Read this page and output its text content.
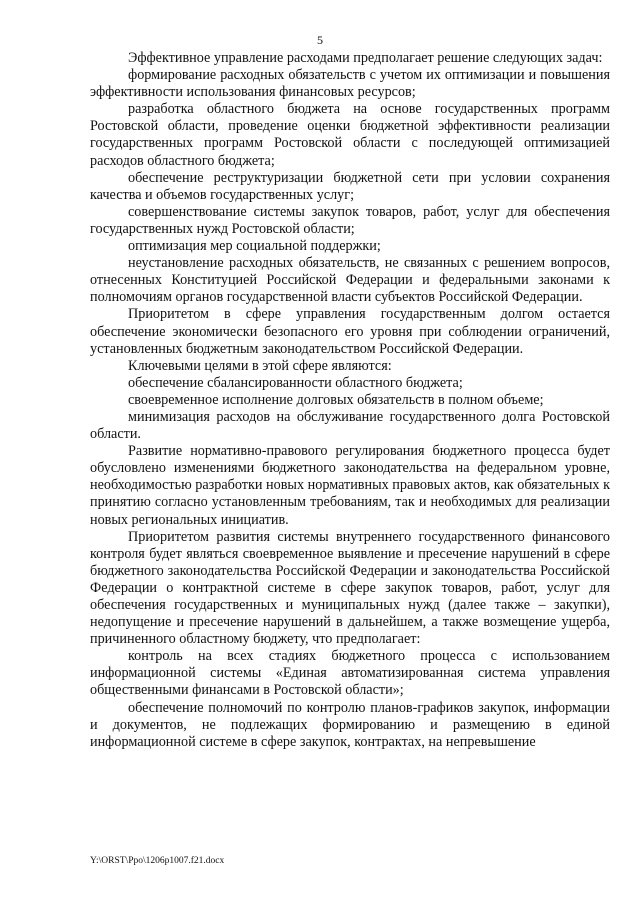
5

Эффективное управление расходами предполагает решение следующих задач:

формирование расходных обязательств с учетом их оптимизации и повышения эффективности использования финансовых ресурсов;

разработка областного бюджета на основе государственных программ Ростовской области, проведение оценки бюджетной эффективности реализации государственных программ Ростовской области с последующей оптимизацией расходов областного бюджета;

обеспечение реструктуризации бюджетной сети при условии сохранения качества и объемов государственных услуг;

совершенствование системы закупок товаров, работ, услуг для обеспечения государственных нужд Ростовской области;

оптимизация мер социальной поддержки;

неустановление расходных обязательств, не связанных с решением вопросов, отнесенных Конституцией Российской Федерации и федеральными законами к полномочиям органов государственной власти субъектов Российской Федерации.

Приоритетом в сфере управления государственным долгом остается обеспечение экономически безопасного его уровня при соблюдении ограничений, установленных бюджетным законодательством Российской Федерации.

Ключевыми целями в этой сфере являются:

обеспечение сбалансированности областного бюджета;

своевременное исполнение долговых обязательств в полном объеме;

минимизация расходов на обслуживание государственного долга Ростовской области.

Развитие нормативно-правового регулирования бюджетного процесса будет обусловлено изменениями бюджетного законодательства на федеральном уровне, необходимостью разработки новых нормативных правовых актов, как обязательных к принятию согласно установленным требованиям, так и необходимых для реализации новых региональных инициатив.

Приоритетом развития системы внутреннего государственного финансового контроля будет являться своевременное выявление и пресечение нарушений в сфере бюджетного законодательства Российской Федерации и законодательства Российской Федерации о контрактной системе в сфере закупок товаров, работ, услуг для обеспечения государственных и муниципальных нужд (далее также – закупки), недопущение и пресечение нарушений в дальнейшем, а также возмещение ущерба, причиненного областному бюджету, что предполагает:

контроль на всех стадиях бюджетного процесса с использованием информационной системы «Единая автоматизированная система управления общественными финансами в Ростовской области»;

обеспечение полномочий по контролю планов-графиков закупок, информации и документов, не подлежащих формированию и размещению в единой информационной системе в сфере закупок, контрактах, на непревышение

Y:\ORST\Ppo\1206p1007.f21.docx
